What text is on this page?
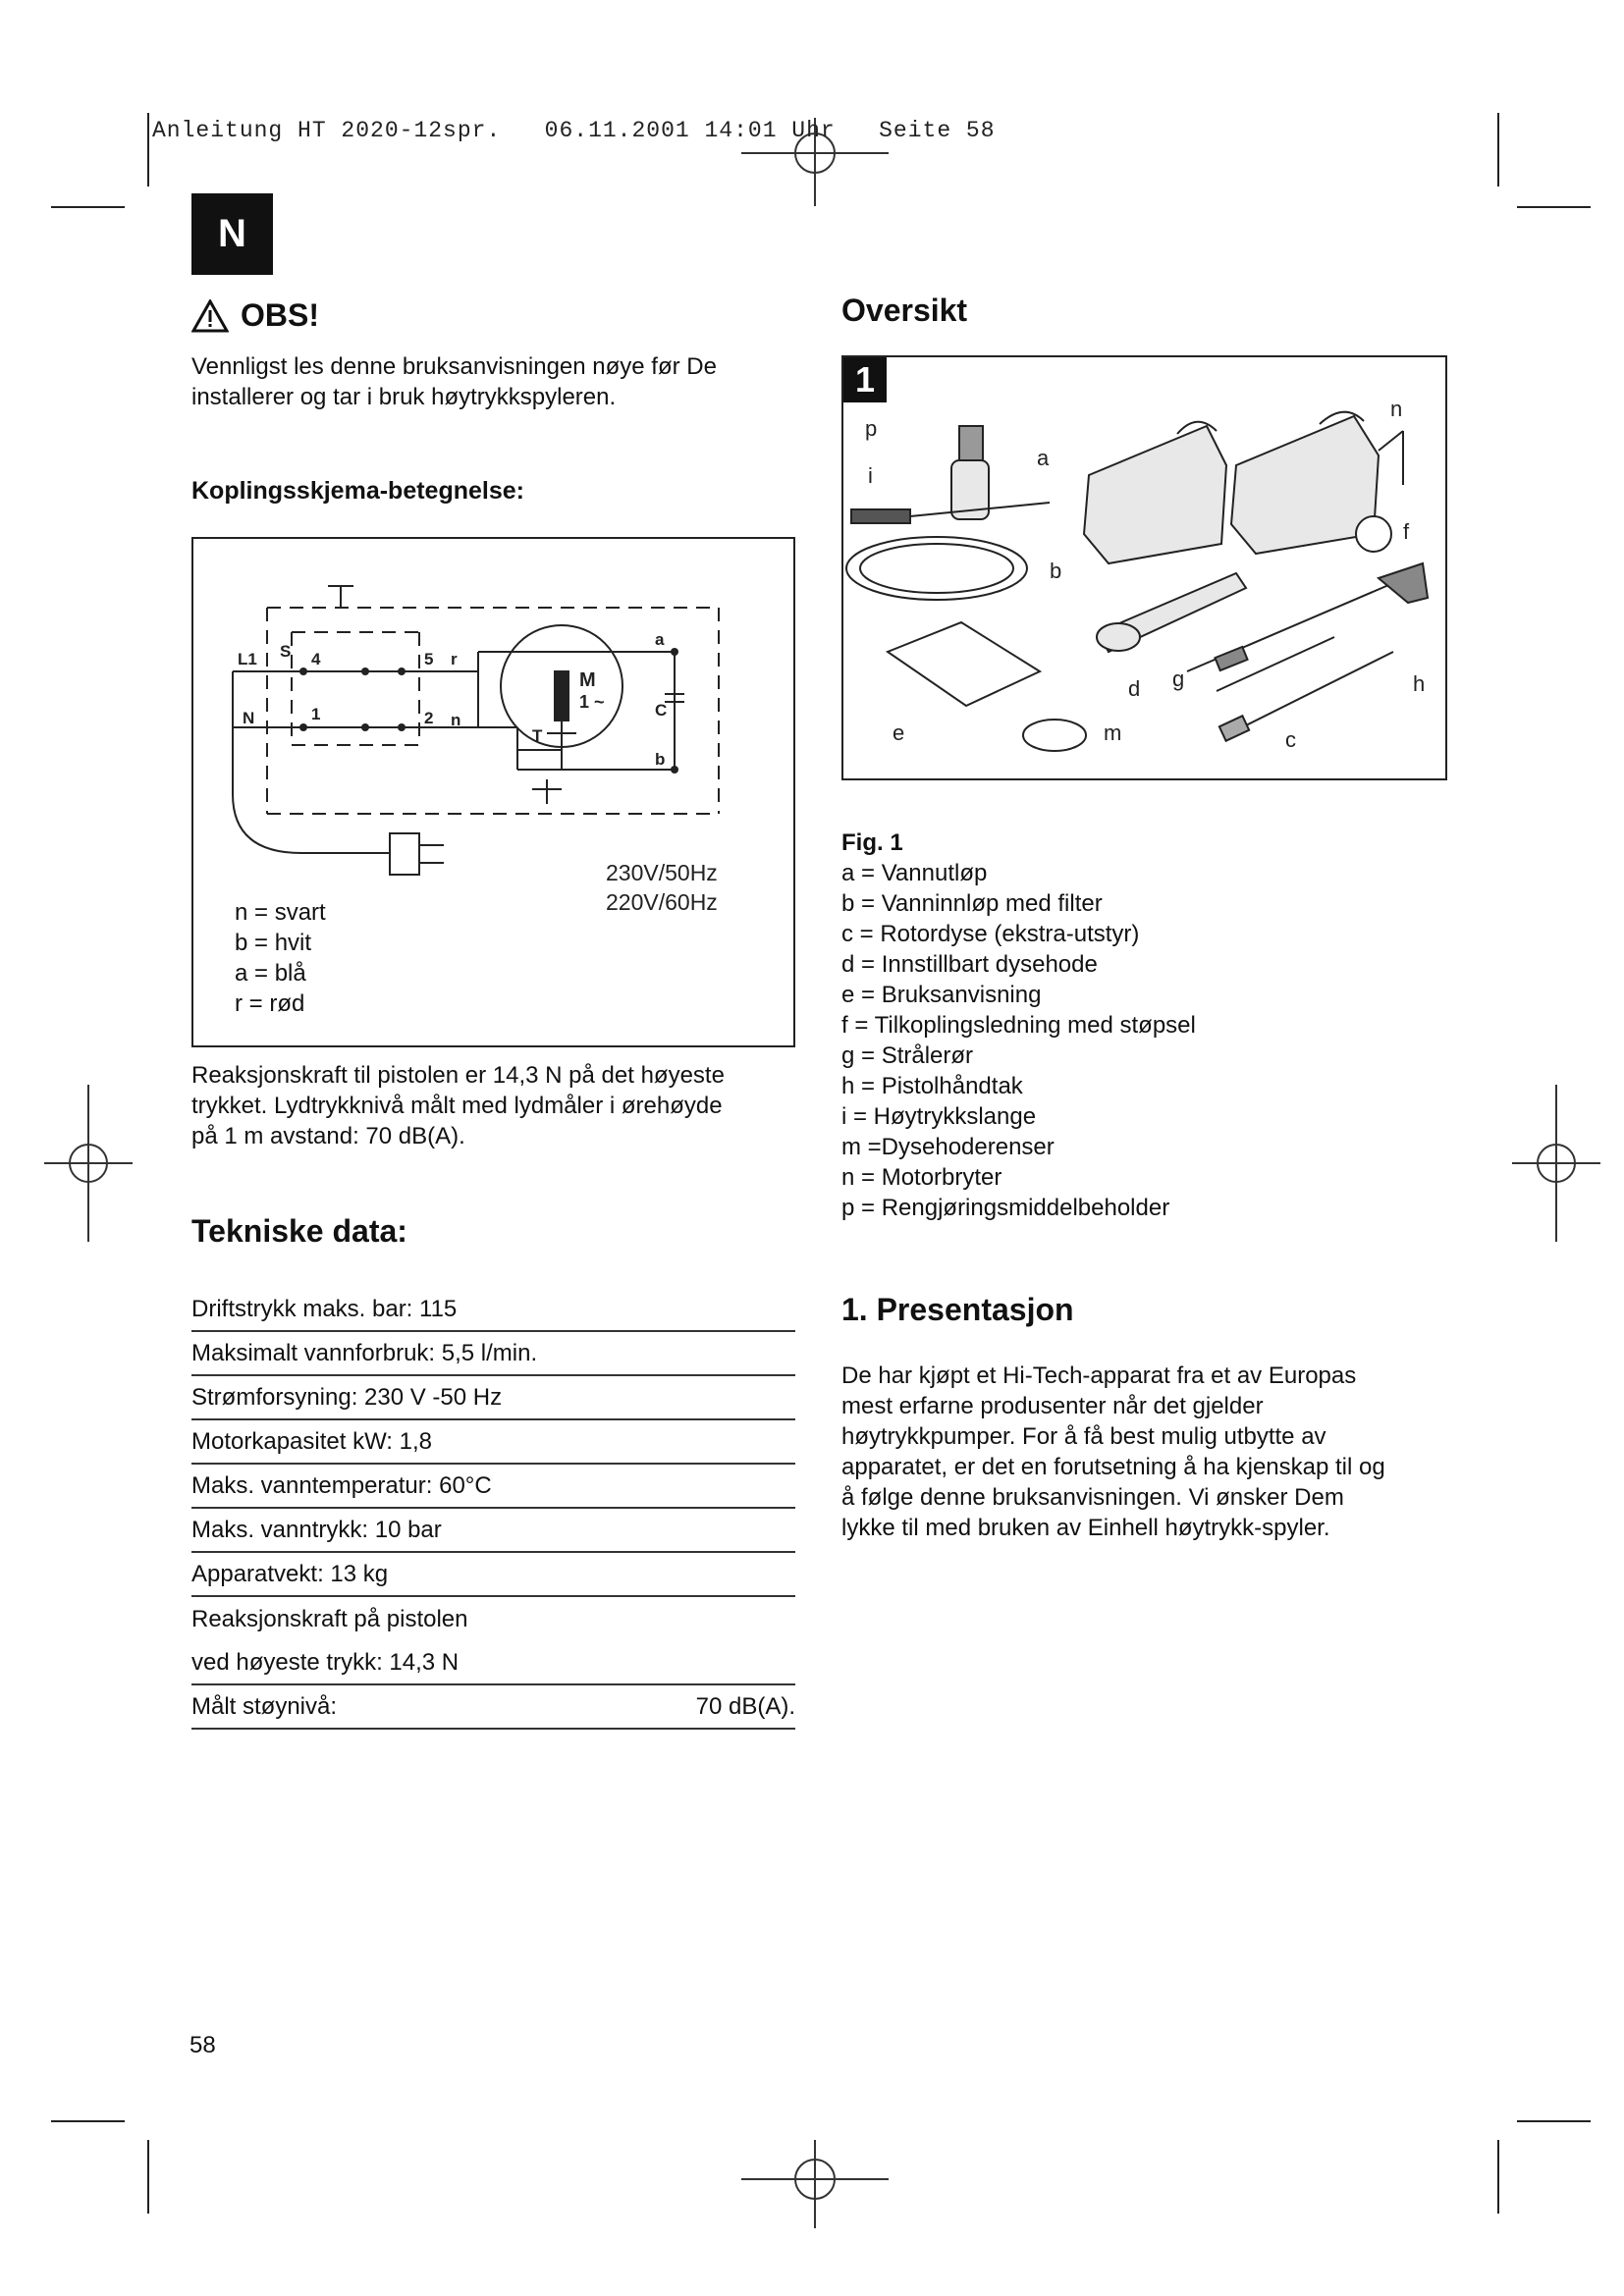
Anleitung HT 2020-12spr.   06.11.2001 14:01 Uhr   Seite 58
N
OBS!
Vennligst les denne bruksanvisningen nøye før De
installerer og tar i bruk høytrykkspyleren.
Koplingsskjema-betegnelse:
S
L1
N
4	5 r
1	2 n
a
b
C
M
1 ~
T
230V/50Hz
220V/60Hz
n = svart
b = hvit
a = blå
r = rød
Reaksjonskraft til pistolen er 14,3 N på det høyeste
trykket. Lydtrykknivå målt med lydmåler i ørehøyde
på 1 m avstand: 70 dB(A).
Tekniske data:
Driftstrykk maks. bar: 115
Maksimalt vannforbruk: 5,5 l/min.
Strømforsyning: 230 V -50 Hz
Motorkapasitet kW: 1,8
Maks. vanntemperatur: 60°C
Maks. vanntrykk: 10 bar
Apparatvekt: 13 kg
Reaksjonskraft på pistolen
ved høyeste trykk: 14,3 N
Målt støynivå:	70 dB(A).
Oversikt
p
i
a
b
n
f
d g	h
e	m	c
1
Fig. 1
a = Vannutløp
b = Vanninnløp med filter
c = Rotordyse (ekstra-utstyr)
d = Innstillbart dysehode
e = Bruksanvisning
f = Tilkoplingsledning med støpsel
g = Strålerør
h = Pistolhåndtak
i = Høytrykkslange
m =Dysehoderenser
n = Motorbryter
p = Rengjøringsmiddelbeholder
1. Presentasjon
De har kjøpt et Hi-Tech-apparat fra et av Europas
mest erfarne produsenter når det gjelder
høytrykkpumper. For å få best mulig utbytte av
apparatet, er det en forutsetning å ha kjenskap til og
å følge denne bruksanvisningen. Vi ønsker Dem
lykke til med bruken av Einhell høytrykk-spyler.
58
